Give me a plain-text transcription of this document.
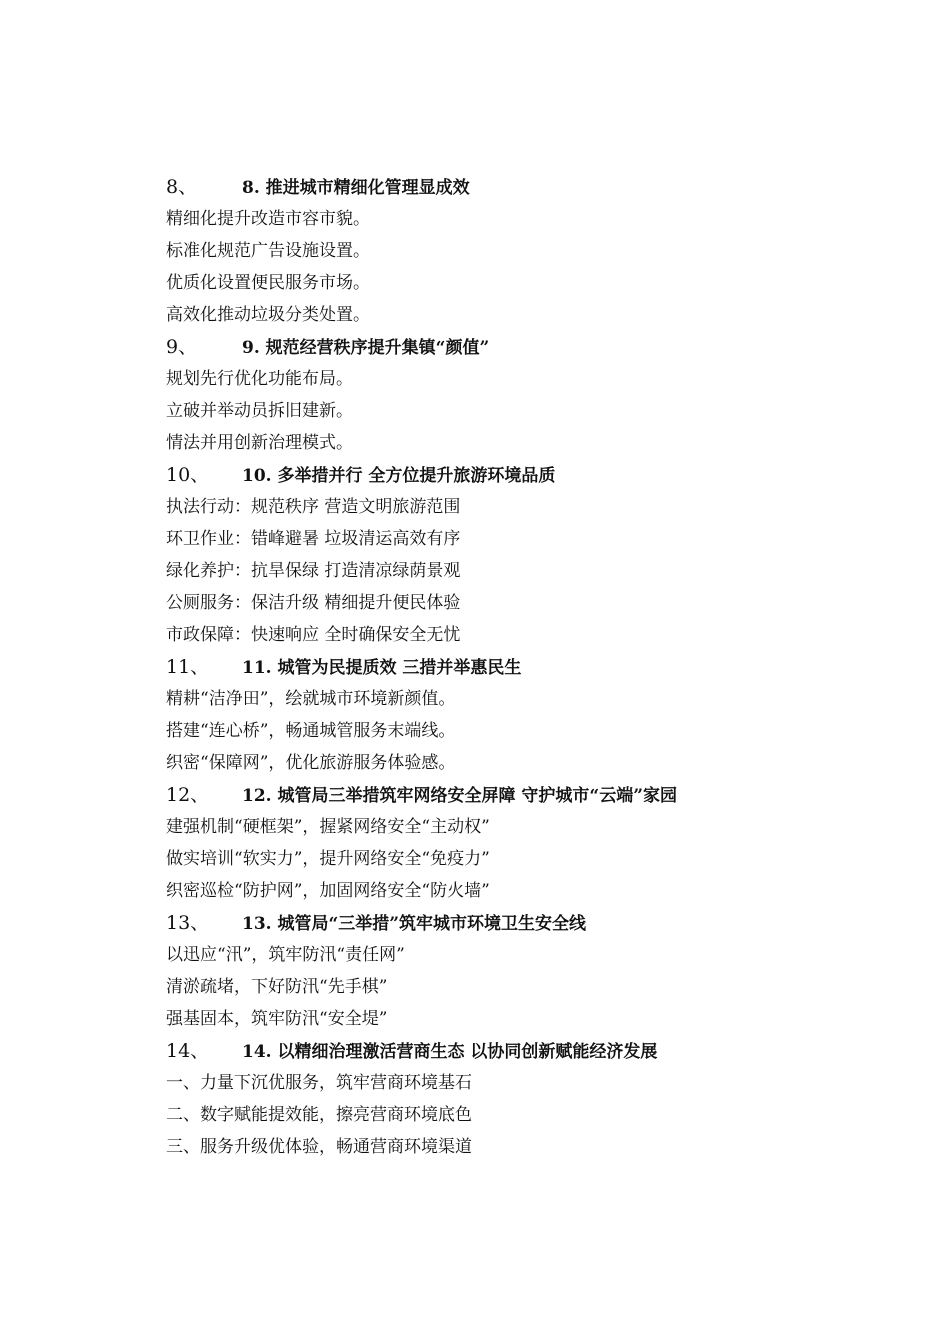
8、	8. 推进城市精细化管理显成效
精细化提升改造市容市貌。
标准化规范广告设施设置。
优质化设置便民服务市场。
高效化推动垃圾分类处置。
9、	9. 规范经营秩序提升集镇“颜值”
规划先行优化功能布局。
立破并举动员拆旧建新。
情法并用创新治理模式。
10、	10. 多举措并行 全方位提升旅游环境品质
执法行动：规范秩序 营造文明旅游范围
环卫作业：错峰避暑 垃圾清运高效有序
绿化养护：抗旱保绿 打造清凉绿荫景观
公厕服务：保洁升级 精细提升便民体验
市政保障：快速响应 全时确保安全无忧
11、	11. 城管为民提质效 三措并举惠民生
精耕“洁净田”，绘就城市环境新颜值。
搭建“连心桥”，畅通城管服务末端线。
织密“保障网”，优化旅游服务体验感。
12、	12. 城管局三举措筑牢网络安全屏障 守护城市“云端”家园
建强机制“硬框架”，握紧网络安全“主动权”
做实培训“软实力”，提升网络安全“免疫力”
织密巡检“防护网”，加固网络安全“防火墙”
13、	13. 城管局“三举措”筑牢城市环境卫生安全线
以迅应“汛”，筑牢防汛“责任网”
清淤疏堵，下好防汛“先手棋”
强基固本，筑牢防汛“安全堤”
14、	14. 以精细治理激活营商生态 以协同创新赋能经济发展
一、力量下沉优服务，筑牢营商环境基石
二、数字赋能提效能，擦亮营商环境底色
三、服务升级优体验，畅通营商环境渠道
